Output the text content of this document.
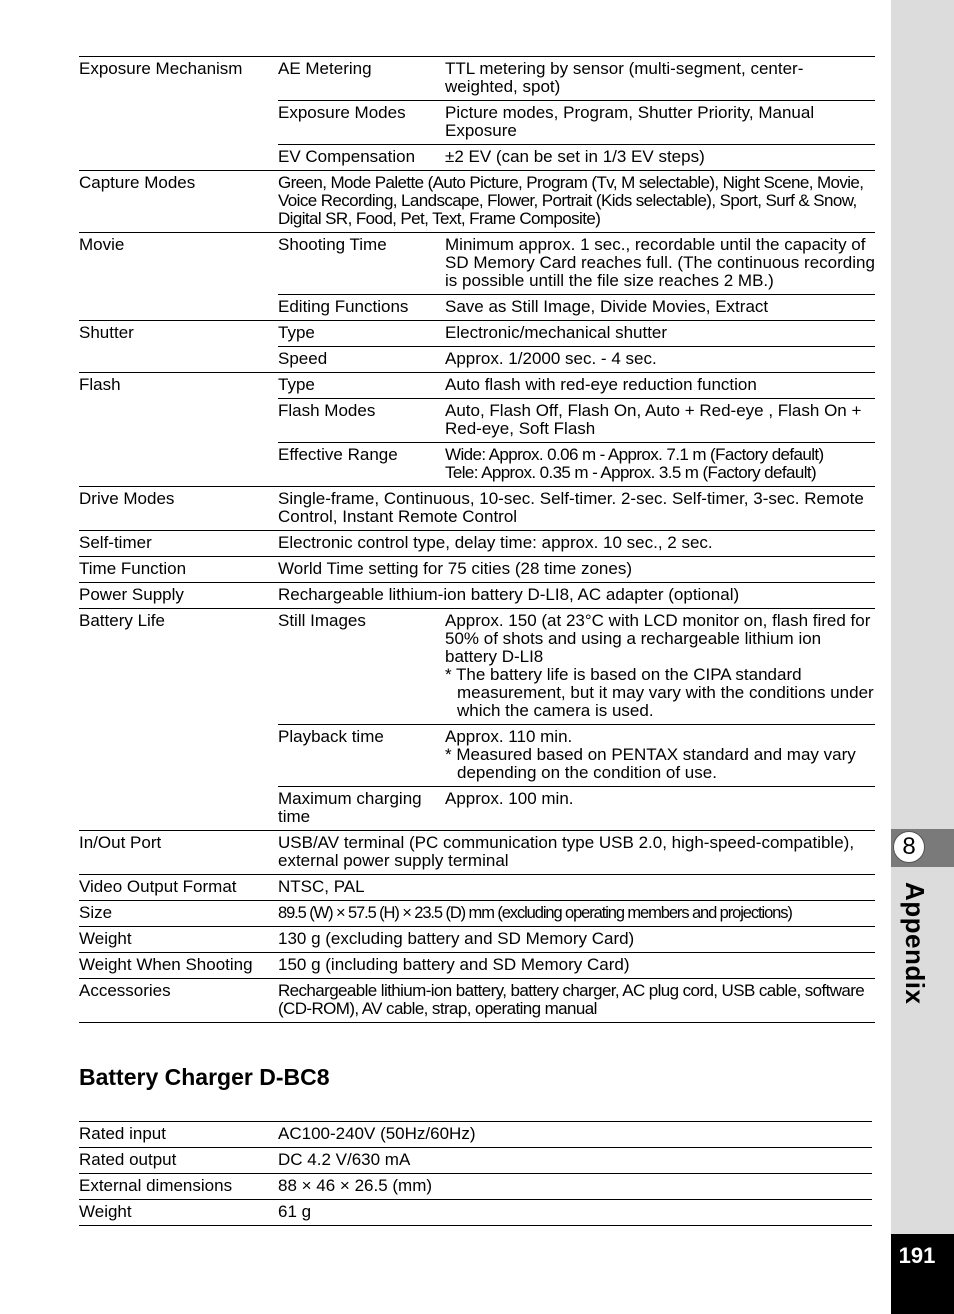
Exposure Mechanism	AE Metering	TTL metering by sensor (multi-segment, center-weighted, spot)
	Exposure Modes	Picture modes, Program, Shutter Priority, Manual Exposure
	EV Compensation	±2 EV (can be set in 1/3 EV steps)
Capture Modes	Green, Mode Palette (Auto Picture, Program (Tv, M selectable), Night Scene, Movie, Voice Recording, Landscape, Flower, Portrait (Kids selectable), Sport, Surf & Snow, Digital SR, Food, Pet, Text, Frame Composite)	
Movie	Shooting Time	Minimum approx. 1 sec., recordable until the capacity of SD Memory Card reaches full. (The continuous recording is possible untill the file size reaches 2 MB.)
	Editing Functions	Save as Still Image, Divide Movies, Extract
Shutter	Type	Electronic/mechanical shutter
	Speed	Approx. 1/2000 sec. - 4 sec.
Flash	Type	Auto flash with red-eye reduction function
	Flash Modes	Auto, Flash Off, Flash On, Auto + Red-eye , Flash On + Red-eye, Soft Flash
	Effective Range	Wide: Approx. 0.06 m - Approx. 7.1 m (Factory default)
Tele: Approx. 0.35 m - Approx. 3.5 m (Factory default)

Drive Modes	Single-frame, Continuous, 10-sec. Self-timer. 2-sec. Self-timer, 3-sec. Remote Control, Instant Remote Control	
Self-timer	Electronic control type, delay time: approx. 10 sec., 2 sec.	
Time Function	World Time setting for 75 cities (28 time zones)	
Power Supply	Rechargeable lithium-ion battery D-LI8, AC adapter (optional)	
Battery Life	Still Images	Approx. 150 (at 23°C with LCD monitor on, flash fired for 50% of shots and using a rechargeable lithium ion battery D-LI8
* The battery life is based on the CIPA standard measurement, but it may vary with the conditions under which the camera is used.

	Playback time	Approx. 110 min.
* Measured based on PENTAX standard and may vary depending on the condition of use.

	Maximum charging time	Approx. 100 min.
In/Out Port	USB/AV terminal (PC communication type USB 2.0, high-speed-compatible), external power supply terminal	
Video Output Format	NTSC, PAL	
Size	89.5 (W) × 57.5 (H) × 23.5 (D) mm (excluding operating members and projections)	
Weight	130 g (excluding battery and SD Memory Card)	
Weight When Shooting	150 g (including battery and SD Memory Card)	
Accessories	Rechargeable lithium-ion battery, battery charger, AC plug cord, USB cable, software (CD-ROM), AV cable, strap, operating manual	
Battery Charger D-BC8
Rated input	AC100-240V (50Hz/60Hz)
Rated output	DC 4.2 V/630 mA
External dimensions	88 × 46 × 26.5 (mm)
Weight	61 g
8
Appendix
191
